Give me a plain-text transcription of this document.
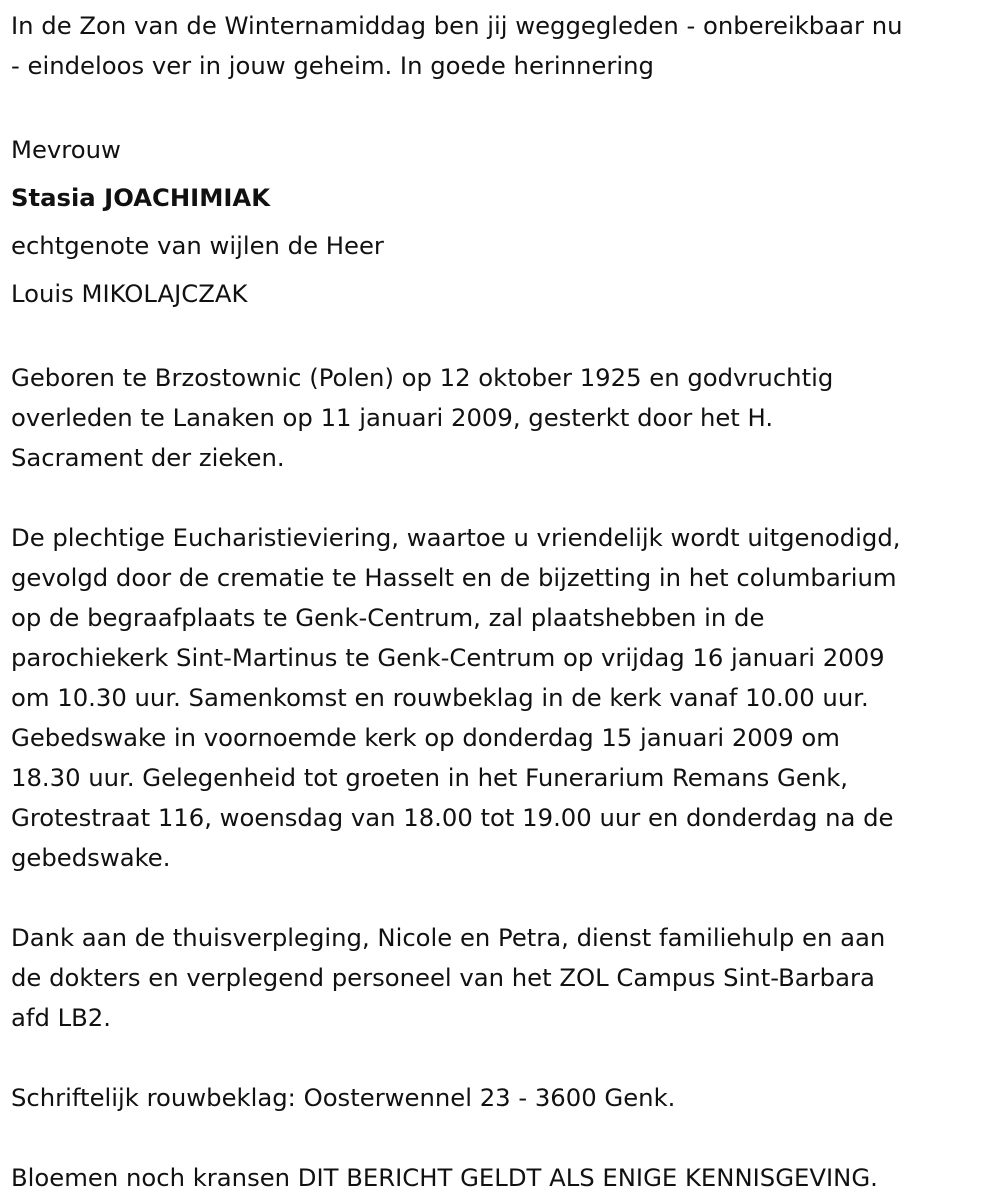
In de Zon van de Winternamiddag ben jij weggegleden - onbereikbaar nu
- eindeloos ver in jouw geheim. In goede herinnering

Mevrouw

Stasia JOACHIMIAK

echtgenote van wijlen de Heer

Louis MIKOLAJCZAK

Geboren te Brzostownic (Polen) op 12 oktober 1925 en godvruchtig
overleden te Lanaken op 11 januari 2009, gesterkt door het H.
Sacrament der zieken.

De plechtige Eucharistieviering, waartoe u vriendelijk wordt uitgenodigd,
gevolgd door de crematie te Hasselt en de bijzetting in het columbarium
op de begraafplaats te Genk-Centrum, zal plaatshebben in de
parochiekerk Sint-Martinus te Genk-Centrum op vrijdag 16 januari 2009
om 10.30 uur. Samenkomst en rouwbeklag in de kerk vanaf 10.00 uur.
Gebedswake in voornoemde kerk op donderdag 15 januari 2009 om
18.30 uur. Gelegenheid tot groeten in het Funerarium Remans Genk,
Grotestraat 116, woensdag van 18.00 tot 19.00 uur en donderdag na de
gebedswake.

Dank aan de thuisverpleging, Nicole en Petra, dienst familiehulp en aan
de dokters en verplegend personeel van het ZOL Campus Sint-Barbara
afd LB2.

Schriftelijk rouwbeklag: Oosterwennel 23 - 3600 Genk.

Bloemen noch kransen DIT BERICHT GELDT ALS ENIGE KENNISGEVING.
